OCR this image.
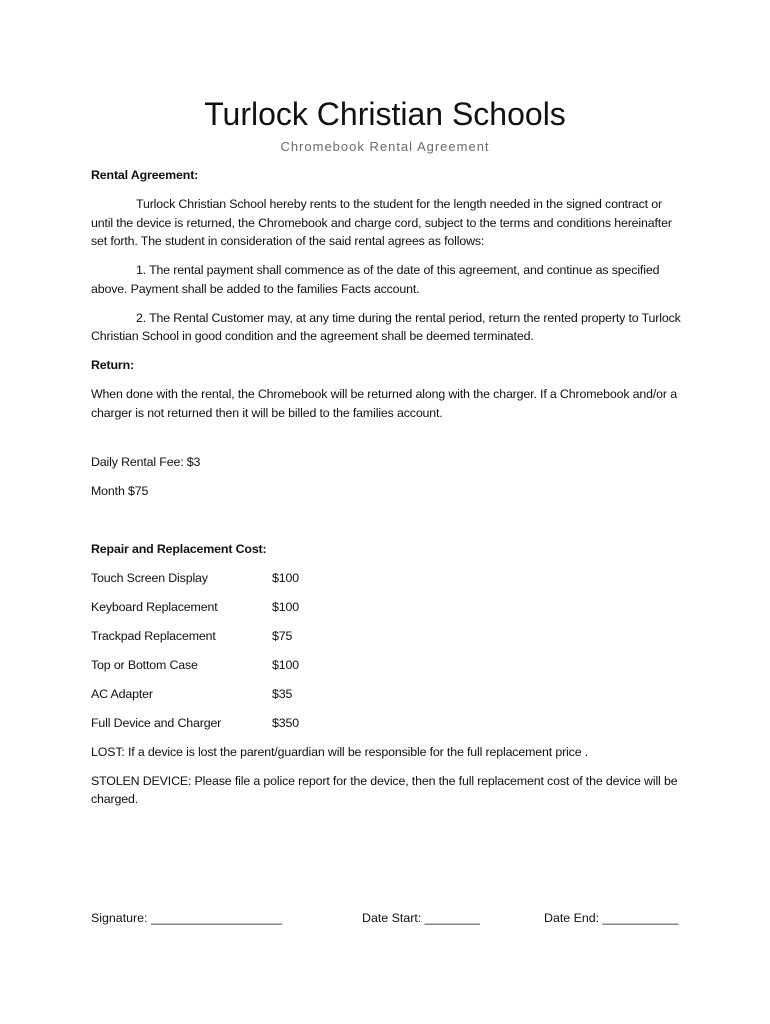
Turlock Christian Schools
Chromebook Rental Agreement

Rental Agreement:

Turlock Christian School hereby rents to the student for the length needed in the signed contract or until the device is returned, the Chromebook and charge cord, subject to the terms and conditions hereinafter set forth. The student in consideration of the said rental agrees as follows:

1. The rental payment shall commence as of the date of this agreement, and continue as specified above. Payment shall be added to the families Facts account.

2. The Rental Customer may, at any time during the rental period, return the rented property to Turlock Christian School in good condition and the agreement shall be deemed terminated.

Return:

When done with the rental, the Chromebook will be returned along with the charger. If a Chromebook and/or a charger is not returned then it will be billed to the families account.

Daily Rental Fee: $3

Month $75

Repair and Replacement Cost:

Touch Screen Display	$100
Keyboard Replacement	$100
Trackpad Replacement	$75
Top or Bottom Case	$100
AC Adapter	$35
Full Device and Charger	$350

LOST: If a device is lost the parent/guardian will be responsible for the full replacement price .

STOLEN DEVICE: Please file a police report for the device, then the full replacement cost of the device will be charged.

Signature: ___________________	Date Start: ________	Date End: ___________
